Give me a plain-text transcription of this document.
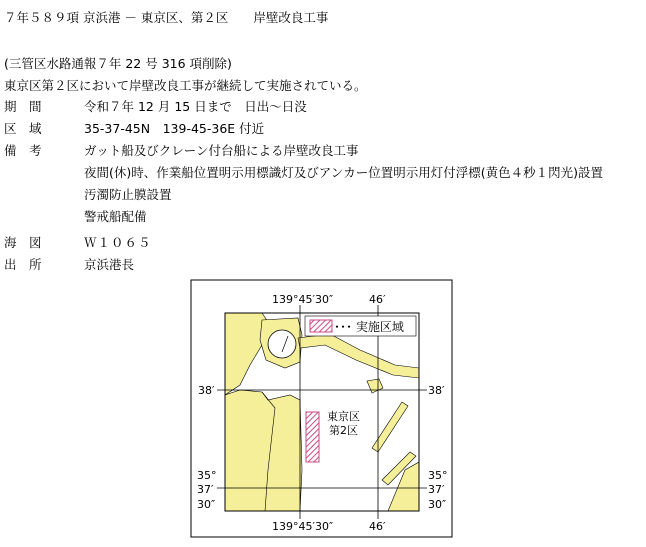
７年５８９項 京浜港 － 東京区、第２区　　岸壁改良工事
(三管区水路通報７年 22 号 316 項削除)
東京区第２区において岸壁改良工事が継続して実施されている。
期　間	令和７年 12 月 15 日まで　日出～日没
区　域	35-37-45N　139-45-36E 付近
備　考	ガット船及びクレーン付台船による岸壁改良工事
夜間(休)時、作業船位置明示用標識灯及びアンカー位置明示用灯付浮標(黄色４秒１閃光)設置
汚濁防止膜設置
警戒船配備
海　図	Ｗ１０６５
出　所	京浜港長
･･･ 実施区域
東京区
第2区
139°45′30″	46′
139°45′30″	46′
38′	38′
35°
37′
30″
35°
37′
30″
